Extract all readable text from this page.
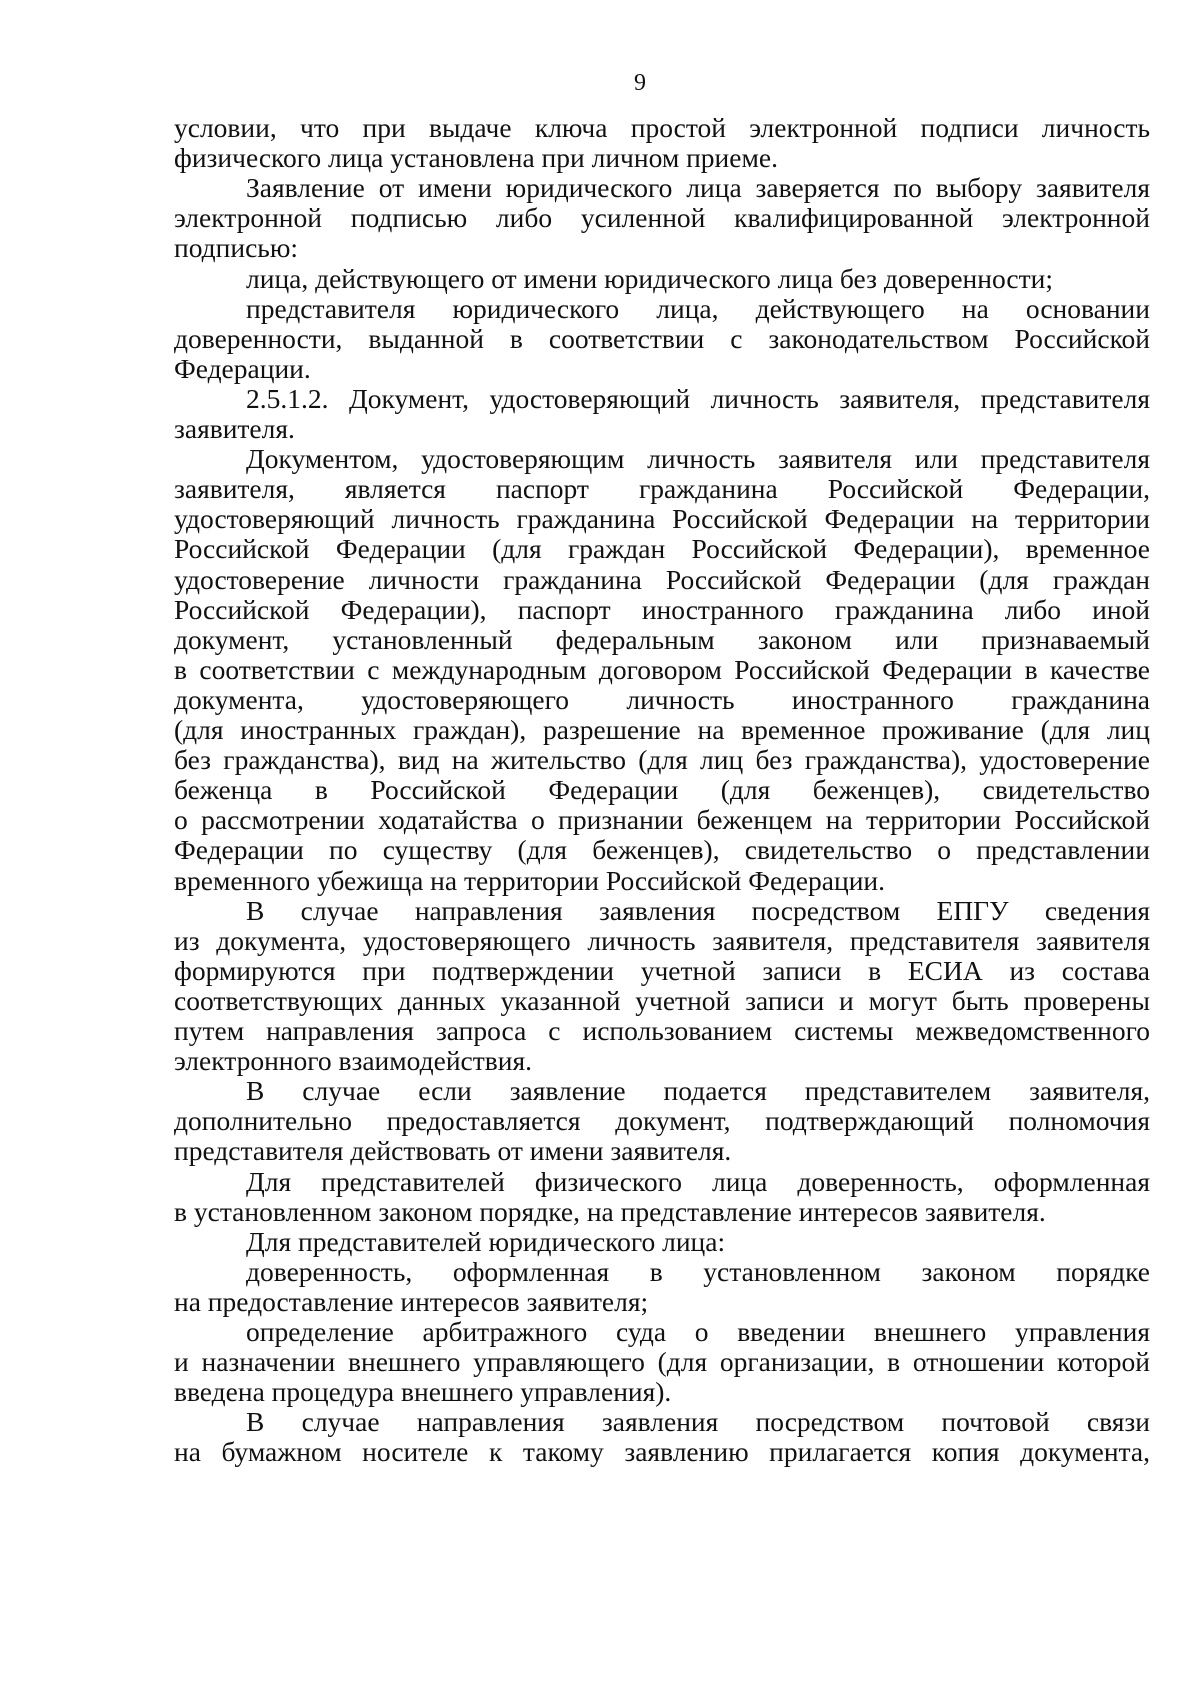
9
условии, что при выдаче ключа простой электронной подписи личность
физического лица установлена при личном приеме.
Заявление от имени юридического лица заверяется по выбору заявителя
электронной подписью либо усиленной квалифицированной электронной
подписью:
лица, действующего от имени юридического лица без доверенности;
представителя юридического лица, действующего на основании
доверенности, выданной в соответствии с законодательством Российской
Федерации.
2.5.1.2. Документ, удостоверяющий личность заявителя, представителя
заявителя.
Документом, удостоверяющим личность заявителя или представителя
заявителя, является паспорт гражданина Российской Федерации,
удостоверяющий личность гражданина Российской Федерации на территории
Российской Федерации (для граждан Российской Федерации), временное
удостоверение личности гражданина Российской Федерации (для граждан
Российской Федерации), паспорт иностранного гражданина либо иной
документ, установленный федеральным законом или признаваемый
в соответствии с международным договором Российской Федерации в качестве
документа, удостоверяющего личность иностранного гражданина
(для иностранных граждан), разрешение на временное проживание (для лиц
без гражданства), вид на жительство (для лиц без гражданства), удостоверение
беженца в Российской Федерации (для беженцев), свидетельство
о рассмотрении ходатайства о признании беженцем на территории Российской
Федерации по существу (для беженцев), свидетельство о представлении
временного убежища на территории Российской Федерации.
В случае направления заявления посредством ЕПГУ сведения
из документа, удостоверяющего личность заявителя, представителя заявителя
формируются при подтверждении учетной записи в ЕСИА из состава
соответствующих данных указанной учетной записи и могут быть проверены
путем направления запроса с использованием системы межведомственного
электронного взаимодействия.
В случае если заявление подается представителем заявителя,
дополнительно предоставляется документ, подтверждающий полномочия
представителя действовать от имени заявителя.
Для представителей физического лица доверенность, оформленная
в установленном законом порядке, на представление интересов заявителя.
Для представителей юридического лица:
доверенность, оформленная в установленном законом порядке
на предоставление интересов заявителя;
определение арбитражного суда о введении внешнего управления
и назначении внешнего управляющего (для организации, в отношении которой
введена процедура внешнего управления).
В случае направления заявления посредством почтовой связи
на бумажном носителе к такому заявлению прилагается копия документа,
